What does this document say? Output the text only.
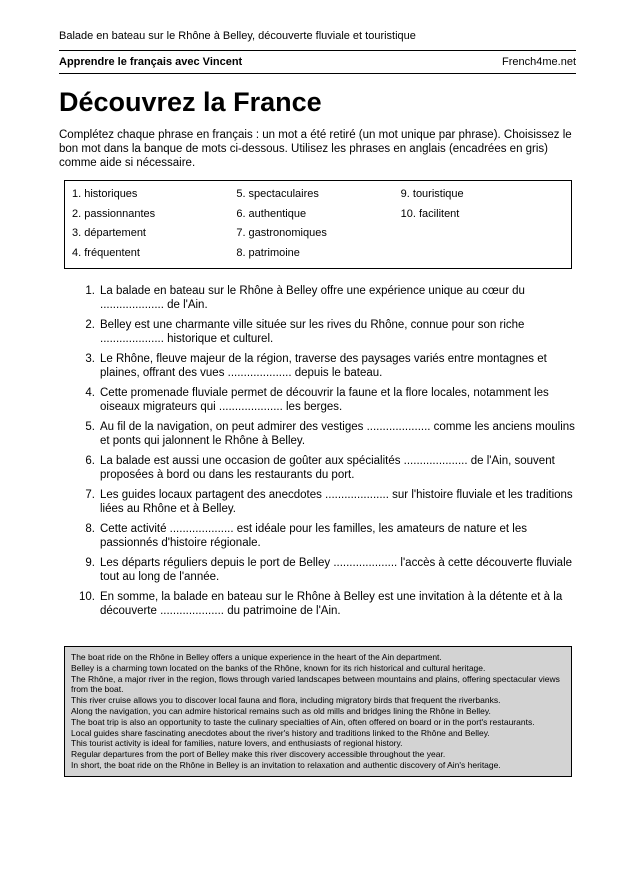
Balade en bateau sur le Rhône à Belley, découverte fluviale et touristique
Apprendre le français avec Vincent	French4me.net
Découvrez la France

Complétez chaque phrase en français : un mot a été retiré (un mot unique par phrase). Choisissez le bon mot dans la banque de mots ci-dessous. Utilisez les phrases en anglais (encadrées en gris) comme aide si nécessaire.

1. historiques
2. passionnantes
3. département
4. fréquentent
5. spectaculaires
6. authentique
7. gastronomiques
8. patrimoine
9. touristique
10. facilitent
1. La balade en bateau sur le Rhône à Belley offre une expérience unique au cœur du .................... de l'Ain.
2. Belley est une charmante ville située sur les rives du Rhône, connue pour son riche .................... historique et culturel.
3. Le Rhône, fleuve majeur de la région, traverse des paysages variés entre montagnes et plaines, offrant des vues .................... depuis le bateau.
4. Cette promenade fluviale permet de découvrir la faune et la flore locales, notamment les oiseaux migrateurs qui .................... les berges.
5. Au fil de la navigation, on peut admirer des vestiges .................... comme les anciens moulins et ponts qui jalonnent le Rhône à Belley.
6. La balade est aussi une occasion de goûter aux spécialités .................... de l'Ain, souvent proposées à bord ou dans les restaurants du port.
7. Les guides locaux partagent des anecdotes .................... sur l'histoire fluviale et les traditions liées au Rhône et à Belley.
8. Cette activité .................... est idéale pour les familles, les amateurs de nature et les passionnés d'histoire régionale.
9. Les départs réguliers depuis le port de Belley .................... l'accès à cette découverte fluviale tout au long de l'année.
10. En somme, la balade en bateau sur le Rhône à Belley est une invitation à la détente et à la découverte .................... du patrimoine de l'Ain.
The boat ride on the Rhône in Belley offers a unique experience in the heart of the Ain department.
Belley is a charming town located on the banks of the Rhône, known for its rich historical and cultural heritage.
The Rhône, a major river in the region, flows through varied landscapes between mountains and plains, offering spectacular views from the boat.
This river cruise allows you to discover local fauna and flora, including migratory birds that frequent the riverbanks.
Along the navigation, you can admire historical remains such as old mills and bridges lining the Rhône in Belley.
The boat trip is also an opportunity to taste the culinary specialties of Ain, often offered on board or in the port's restaurants.
Local guides share fascinating anecdotes about the river's history and traditions linked to the Rhône and Belley.
This tourist activity is ideal for families, nature lovers, and enthusiasts of regional history.
Regular departures from the port of Belley make this river discovery accessible throughout the year.
In short, the boat ride on the Rhône in Belley is an invitation to relaxation and authentic discovery of Ain's heritage.
